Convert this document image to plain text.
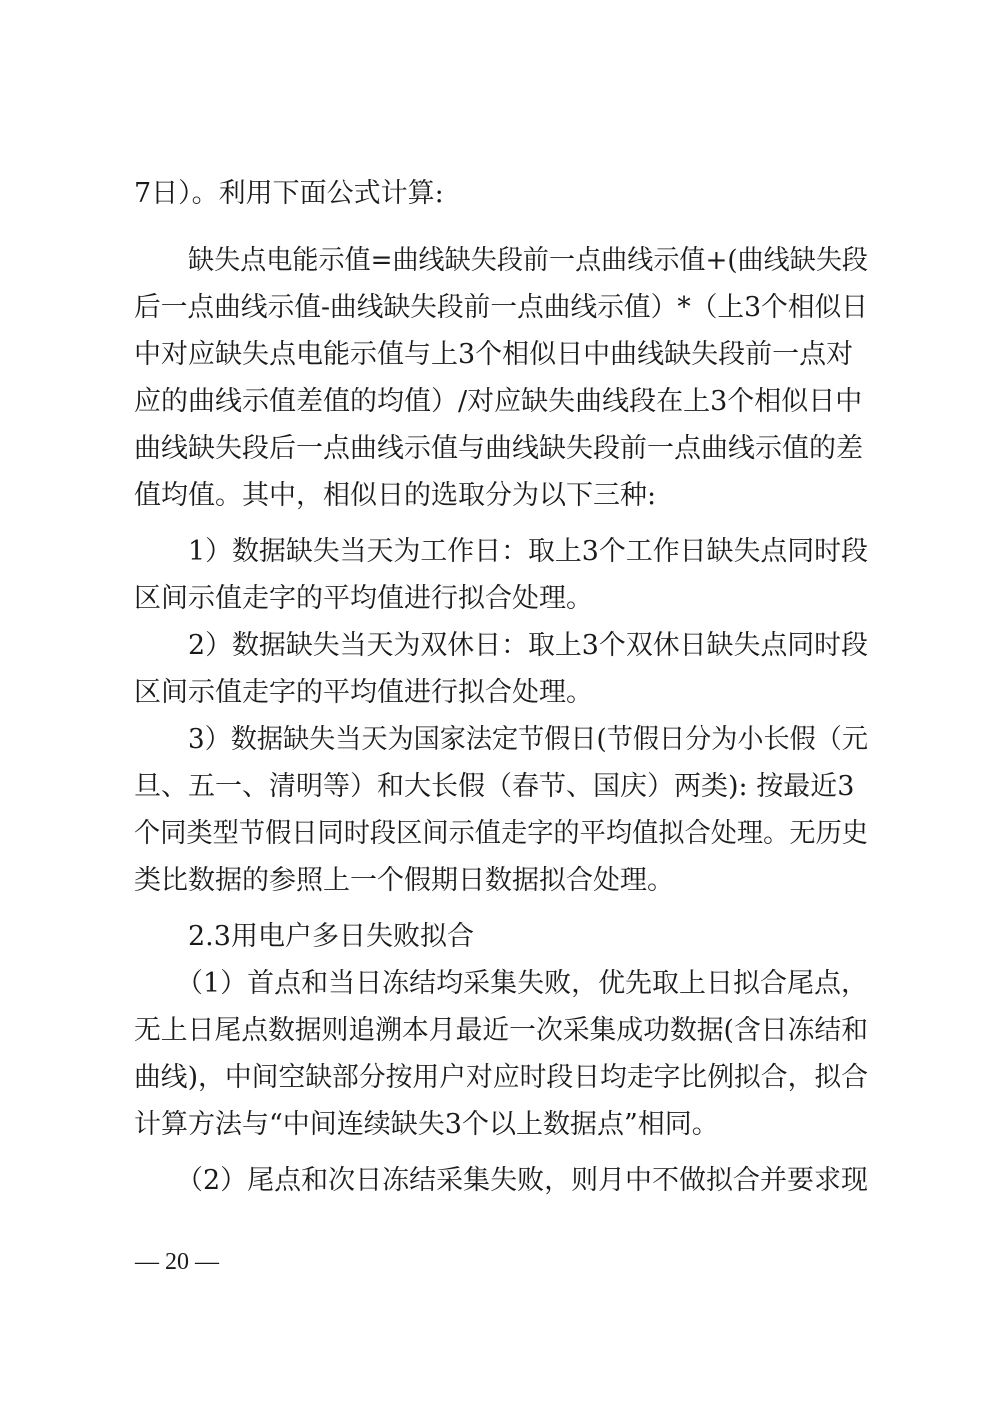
7日）。利用下面公式计算:
缺失点电能示值=曲线缺失段前一点曲线示值+(曲线缺失段
后一点曲线示值-曲线缺失段前一点曲线示值）*（上3个相似日
中对应缺失点电能示值与上3个相似日中曲线缺失段前一点对
应的曲线示值差值的均值）/对应缺失曲线段在上3个相似日中
曲线缺失段后一点曲线示值与曲线缺失段前一点曲线示值的差
值均值。其中，相似日的选取分为以下三种:
1）数据缺失当天为工作日：取上3个工作日缺失点同时段
区间示值走字的平均值进行拟合处理。
2）数据缺失当天为双休日：取上3个双休日缺失点同时段
区间示值走字的平均值进行拟合处理。
3）数据缺失当天为国家法定节假日(节假日分为小长假（元
旦、五一、清明等）和大长假（春节、国庆）两类): 按最近3
个同类型节假日同时段区间示值走字的平均值拟合处理。无历史
类比数据的参照上一个假期日数据拟合处理。
2.3用电户多日失败拟合
（1）首点和当日冻结均采集失败，优先取上日拟合尾点，
无上日尾点数据则追溯本月最近一次采集成功数据(含日冻结和
曲线)，中间空缺部分按用户对应时段日均走字比例拟合，拟合
计算方法与“中间连续缺失3个以上数据点”相同。
（2）尾点和次日冻结采集失败，则月中不做拟合并要求现
— 20 —
